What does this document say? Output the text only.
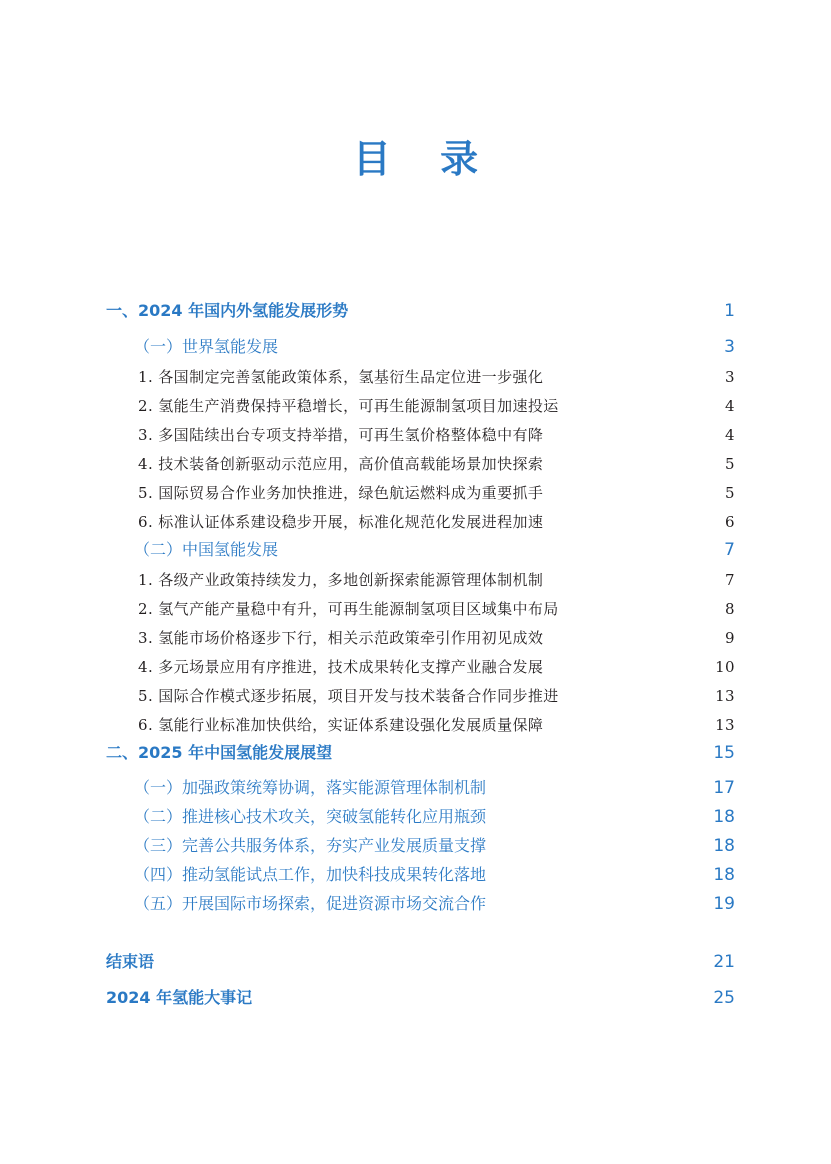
目 录
一、2024 年国内外氢能发展形势	1
（一）世界氢能发展	3
1. 各国制定完善氢能政策体系，氢基衍生品定位进一步强化	3
2. 氢能生产消费保持平稳增长，可再生能源制氢项目加速投运	4
3. 多国陆续出台专项支持举措，可再生氢价格整体稳中有降	4
4. 技术装备创新驱动示范应用，高价值高载能场景加快探索	5
5. 国际贸易合作业务加快推进，绿色航运燃料成为重要抓手	5
6. 标准认证体系建设稳步开展，标准化规范化发展进程加速	6
（二）中国氢能发展	7
1. 各级产业政策持续发力，多地创新探索能源管理体制机制	7
2. 氢气产能产量稳中有升，可再生能源制氢项目区域集中布局	8
3. 氢能市场价格逐步下行，相关示范政策牵引作用初见成效	9
4. 多元场景应用有序推进，技术成果转化支撑产业融合发展	10
5. 国际合作模式逐步拓展，项目开发与技术装备合作同步推进	13
6. 氢能行业标准加快供给，实证体系建设强化发展质量保障	13
二、2025 年中国氢能发展展望	15
（一）加强政策统筹协调，落实能源管理体制机制	17
（二）推进核心技术攻关，突破氢能转化应用瓶颈	18
（三）完善公共服务体系，夯实产业发展质量支撑	18
（四）推动氢能试点工作，加快科技成果转化落地	18
（五）开展国际市场探索，促进资源市场交流合作	19
结束语	21
2024 年氢能大事记	25
